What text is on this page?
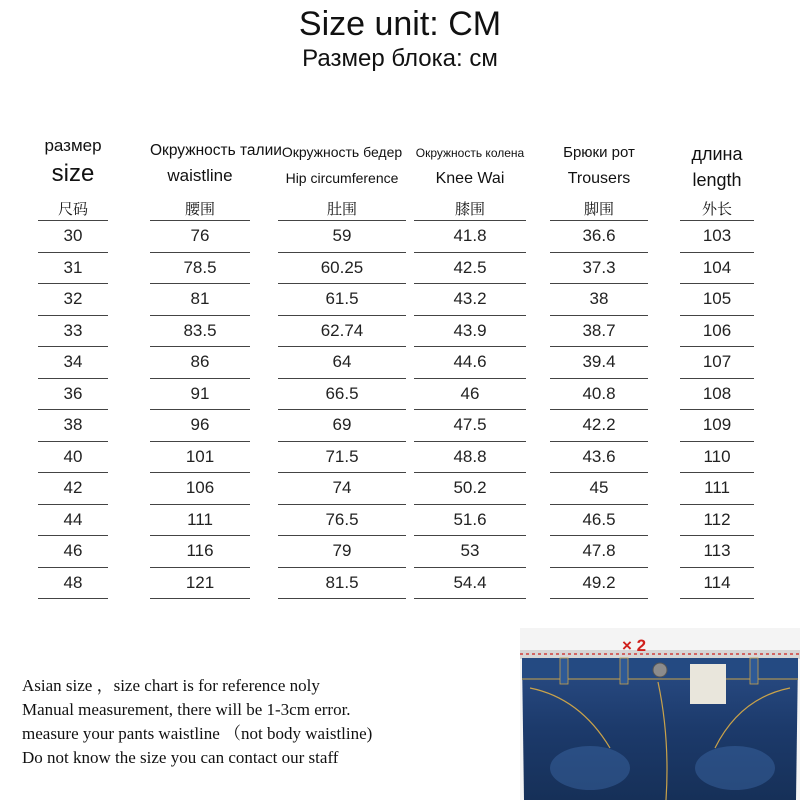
Size unit: CM
Размер блока: см
размер
size
尺码
30
31
32
33
34
36
38
40
42
44
46
48
Окружность талии
waistline
腰围
76
78.5
81
83.5
86
91
96
101
106
111
116
121
Окружность бедер
Hip circumference
肚围
59
60.25
61.5
62.74
64
66.5
69
71.5
74
76.5
79
81.5
Окружность колена
Knee Wai
膝围
41.8
42.5
43.2
43.9
44.6
46
47.5
48.8
50.2
51.6
53
54.4
Брюки рот
Trousers
脚围
36.6
37.3
38
38.7
39.4
40.8
42.2
43.6
45
46.5
47.8
49.2
длина
length
外长
103
104
105
106
107
108
109
110
111
112
113
114
Asian size ，size chart is for reference noly
Manual measurement, there will be 1-3cm error.
measure your pants waistline （not body waistline)
Do not know the size you can contact our staff
× 2
